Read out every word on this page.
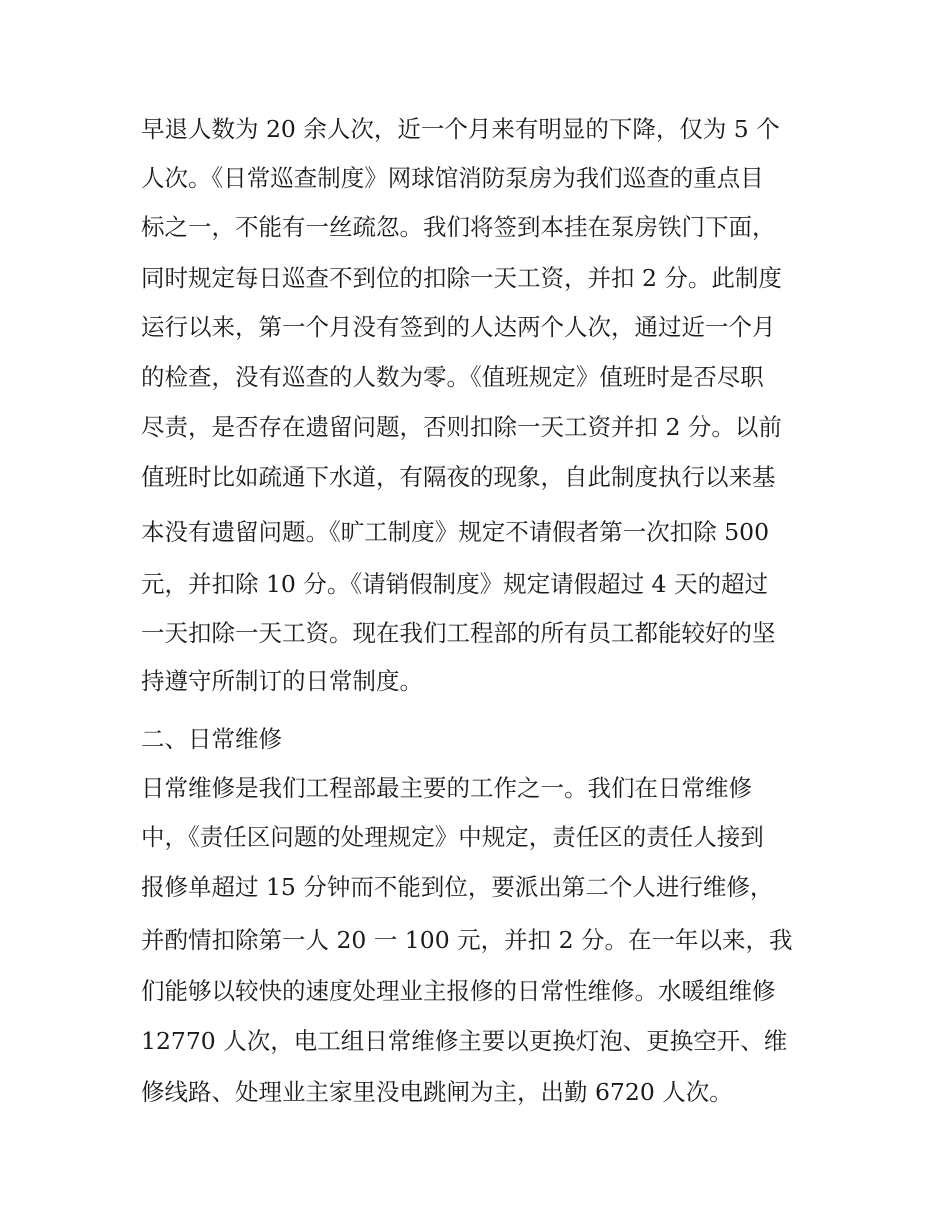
早退人数为 20 余人次，近一个月来有明显的下降，仅为 5 个
人次。《日常巡查制度》网球馆消防泵房为我们巡查的重点目
标之一，不能有一丝疏忽。我们将签到本挂在泵房铁门下面，
同时规定每日巡查不到位的扣除一天工资，并扣 2 分。此制度
运行以来，第一个月没有签到的人达两个人次，通过近一个月
的检查，没有巡查的人数为零。《值班规定》值班时是否尽职
尽责，是否存在遗留问题，否则扣除一天工资并扣 2 分。以前
值班时比如疏通下水道，有隔夜的现象，自此制度执行以来基
本没有遗留问题。《旷工制度》规定不请假者第一次扣除 500
元，并扣除 10 分。《请销假制度》规定请假超过 4 天的超过
一天扣除一天工资。现在我们工程部的所有员工都能较好的坚
持遵守所制订的日常制度。
二、日常维修
日常维修是我们工程部最主要的工作之一。我们在日常维修
中，《责任区问题的处理规定》中规定，责任区的责任人接到
报修单超过 15 分钟而不能到位，要派出第二个人进行维修，
并酌情扣除第一人 20 一 100 元，并扣 2 分。在一年以来，我
们能够以较快的速度处理业主报修的日常性维修。水暖组维修
12770 人次，电工组日常维修主要以更换灯泡、更换空开、维
修线路、处理业主家里没电跳闸为主，出勤 6720 人次。
